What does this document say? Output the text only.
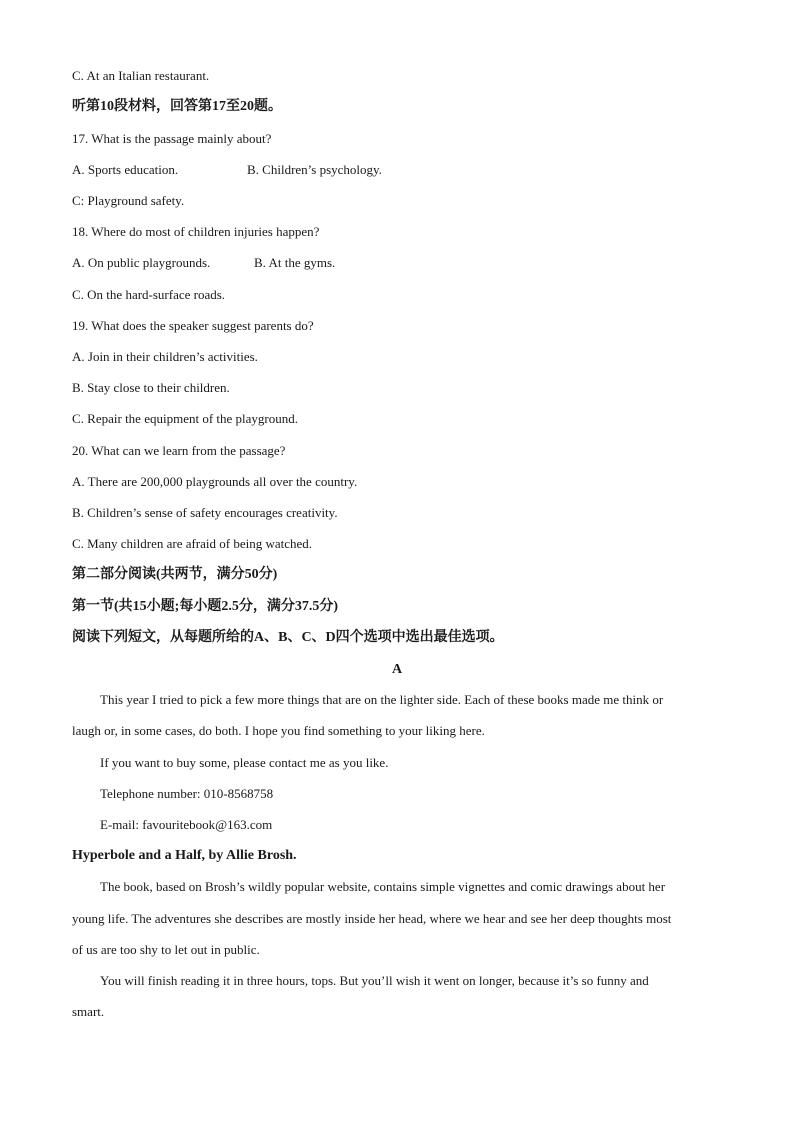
C. At an Italian restaurant.
听第10段材料，回答第17至20题。
17. What is the passage mainly about?
A. Sports education.	B. Children’s psychology.
C: Playground safety.
18. Where do most of children injuries happen?
A. On public playgrounds.	B. At the gyms.
C. On the hard-surface roads.
19. What does the speaker suggest parents do?
A. Join in their children’s activities.
B. Stay close to their children.
C. Repair the equipment of the playground.
20. What can we learn from the passage?
A. There are 200,000 playgrounds all over the country.
B. Children’s sense of safety encourages creativity.
C. Many children are afraid of being watched.
第二部分阅读(共两节，满分50分)
第一节(共15小题;每小题2.5分，满分37.5分)
阅读下列短文，从每题所给的A、B、C、D四个选项中选出最佳选项。
A
This year I tried to pick a few more things that are on the lighter side. Each of these books made me think or
laugh or, in some cases, do both. I hope you find something to your liking here.
If you want to buy some, please contact me as you like.
Telephone number: 010-8568758
E-mail: favouritebook@163.com
Hyperbole and a Half, by Allie Brosh.
The book, based on Brosh’s wildly popular website, contains simple vignettes and comic drawings about her
young life. The adventures she describes are mostly inside her head, where we hear and see her deep thoughts most
of us are too shy to let out in public.
You will finish reading it in three hours, tops. But you’ll wish it went on longer, because it’s so funny and
smart.
